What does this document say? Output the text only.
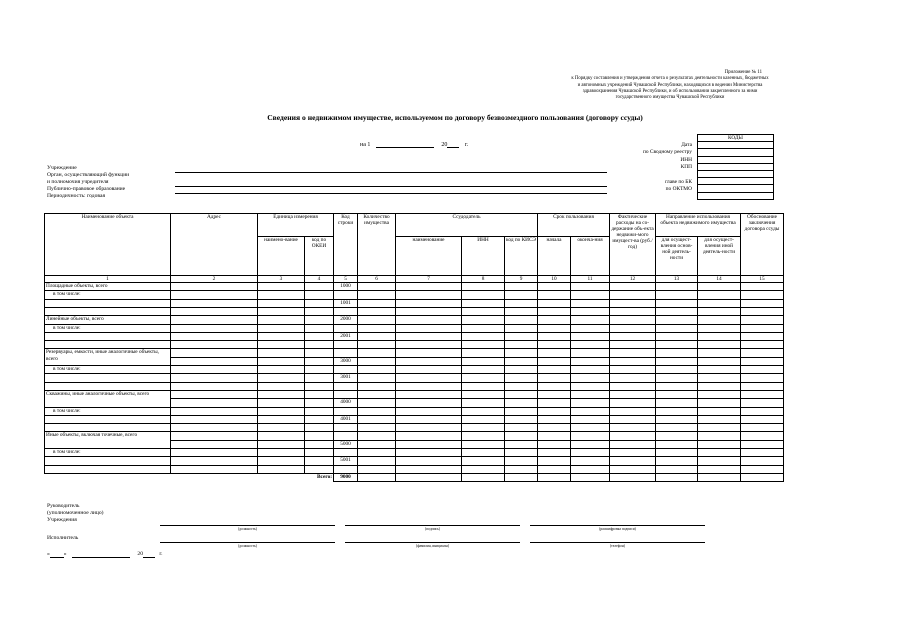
Приложение № 11
к Порядку составления и утверждения отчета о результатах деятельности казенных, бюджетных
и автономных учреждений Чувашской Республики, находящихся в ведении Министерства
здравоохранения Чувашской Республики, и об использовании закрепленного за ними
государственного имущества Чувашской Республики
Сведения о недвижимом имуществе, используемом по договору безвозмездного пользования (договору ссуды)
на 1	20	г.	Дата
по Сводному реестру
ИНН
КПП
главе по БК
по ОКТМО
КОДЫ

Учреждение
Орган, осуществляющий функции
и полномочия учредителя
Публично-правовое образование
Периодичность: годовая
Наименование объекта	Адрес	Единица измерения		Код строки	Количество имущества	Ссудодатель			Срок пользования		Фактические расходы на со-держание объ-екта недвижи-мого имущест-ва (руб./год)	Направление использования объекта недвижимого имущества		Обоснование заключения договора ссуды
		наимено-вание	код по ОКЕИ			наименование	ИНН	код по КИСЭ	начала	оконча-ния		для осущест-вления основ-ной деятель-ности	для осущест-вления иной деятель-ности	
1	2	3	4	5	6	7	8	9	10	11	12	13	14	15
Площадные объекты, всего				1000										
в том числе:														
				1001										

Линейные объекты, всего				2000										
в том числе:														
				2001										

Резервуары, емкости, иные аналогичные объекты, всего														
				3000										
в том числе:														
				3001										

Скважины, иные аналогичные объекты, всего														
				4000										
в том числе:														
				4001										

Иные объекты, включая точечные, всего														
				5000										
в том числе:														
				5001										

Всего:				9000										
Руководитель
(уполномоченное лицо)
Учреждения
(должность)	(подпись)	(расшифровка подписи)
Исполнитель
(должность)	(фамилия, инициалы)	(телефон)
«	»	20	г.
